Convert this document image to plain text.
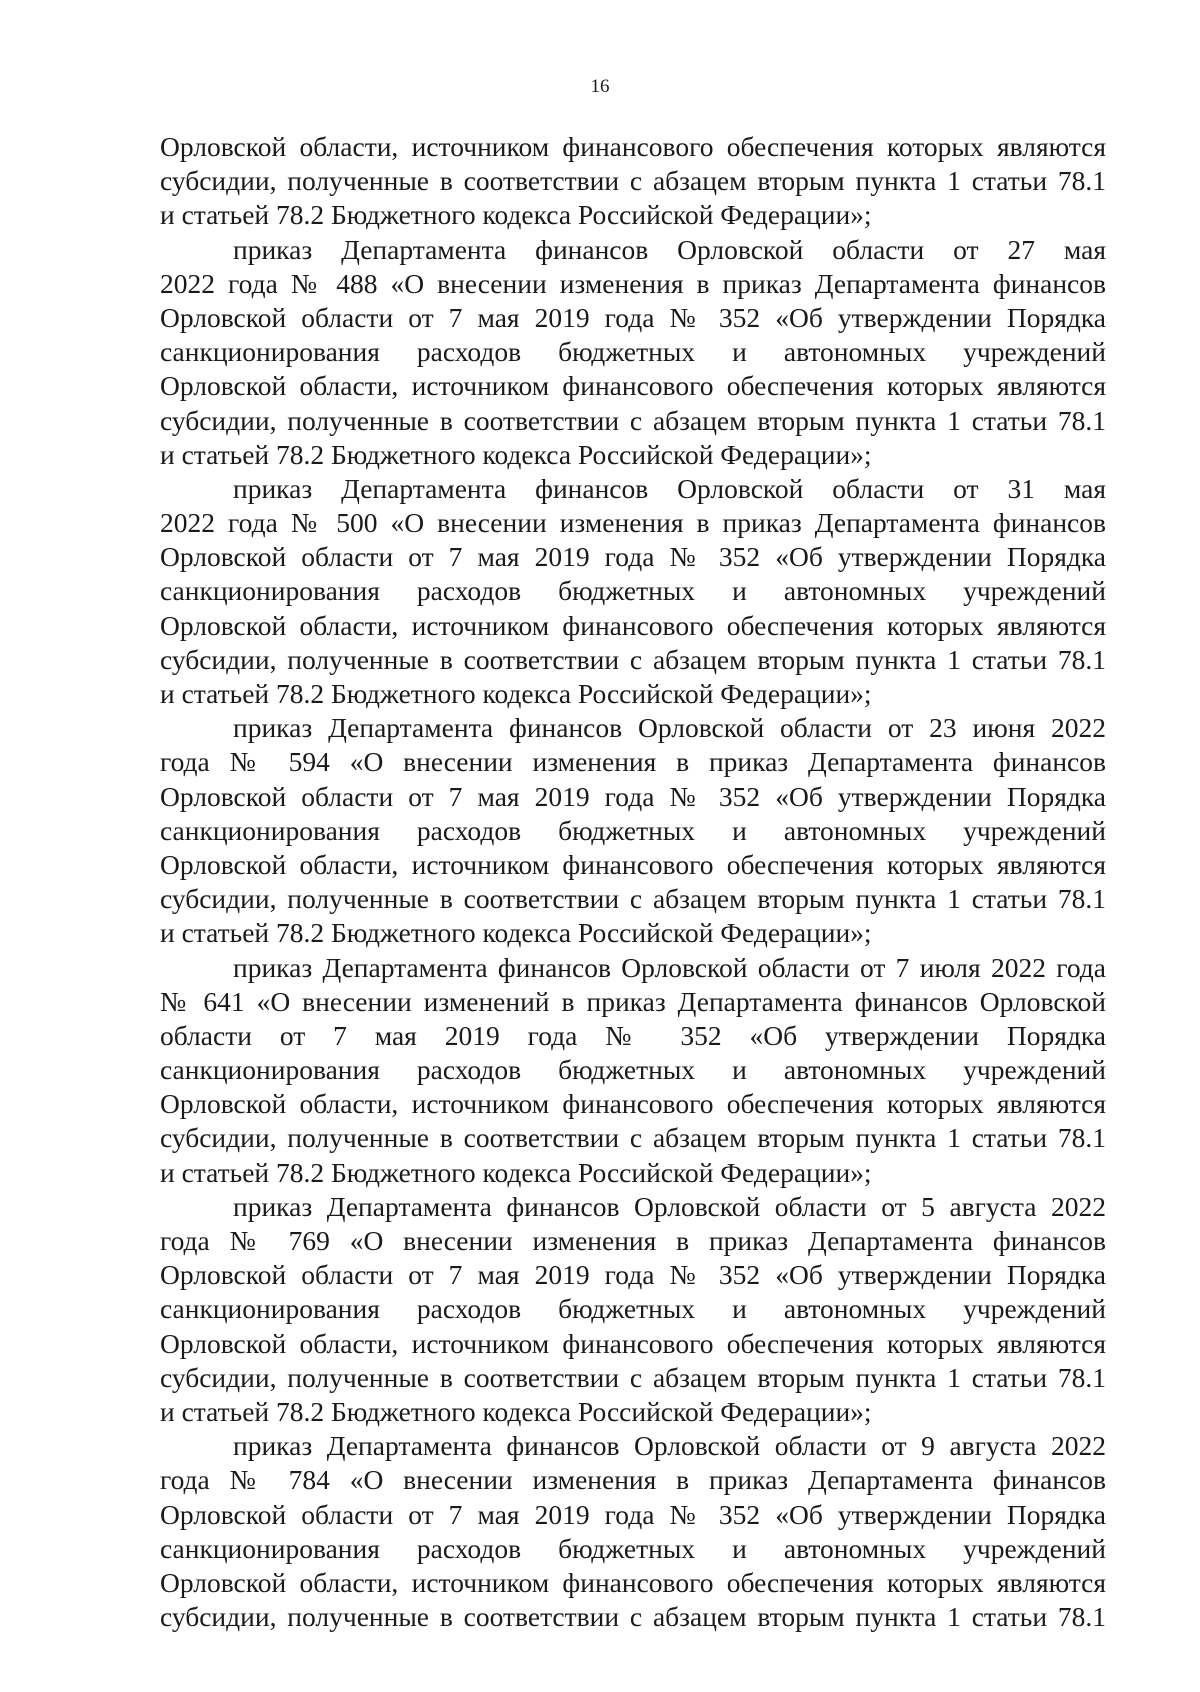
16
Орловской области, источником финансового обеспечения которых являются
субсидии, полученные в соответствии с абзацем вторым пункта 1 статьи 78.1
и статьей 78.2 Бюджетного кодекса Российской Федерации»;
приказ Департамента финансов Орловской области от 27 мая
2022 года № 488 «О внесении изменения в приказ Департамента финансов
Орловской области от 7 мая 2019 года № 352 «Об утверждении Порядка
санкционирования расходов бюджетных и автономных учреждений
Орловской области, источником финансового обеспечения которых являются
субсидии, полученные в соответствии с абзацем вторым пункта 1 статьи 78.1
и статьей 78.2 Бюджетного кодекса Российской Федерации»;
приказ Департамента финансов Орловской области от 31 мая
2022 года № 500 «О внесении изменения в приказ Департамента финансов
Орловской области от 7 мая 2019 года № 352 «Об утверждении Порядка
санкционирования расходов бюджетных и автономных учреждений
Орловской области, источником финансового обеспечения которых являются
субсидии, полученные в соответствии с абзацем вторым пункта 1 статьи 78.1
и статьей 78.2 Бюджетного кодекса Российской Федерации»;
приказ Департамента финансов Орловской области от 23 июня 2022
года № 594 «О внесении изменения в приказ Департамента финансов
Орловской области от 7 мая 2019 года № 352 «Об утверждении Порядка
санкционирования расходов бюджетных и автономных учреждений
Орловской области, источником финансового обеспечения которых являются
субсидии, полученные в соответствии с абзацем вторым пункта 1 статьи 78.1
и статьей 78.2 Бюджетного кодекса Российской Федерации»;
приказ Департамента финансов Орловской области от 7 июля 2022 года
№ 641 «О внесении изменений в приказ Департамента финансов Орловской
области от 7 мая 2019 года № 352 «Об утверждении Порядка
санкционирования расходов бюджетных и автономных учреждений
Орловской области, источником финансового обеспечения которых являются
субсидии, полученные в соответствии с абзацем вторым пункта 1 статьи 78.1
и статьей 78.2 Бюджетного кодекса Российской Федерации»;
приказ Департамента финансов Орловской области от 5 августа 2022
года № 769 «О внесении изменения в приказ Департамента финансов
Орловской области от 7 мая 2019 года № 352 «Об утверждении Порядка
санкционирования расходов бюджетных и автономных учреждений
Орловской области, источником финансового обеспечения которых являются
субсидии, полученные в соответствии с абзацем вторым пункта 1 статьи 78.1
и статьей 78.2 Бюджетного кодекса Российской Федерации»;
приказ Департамента финансов Орловской области от 9 августа 2022
года № 784 «О внесении изменения в приказ Департамента финансов
Орловской области от 7 мая 2019 года № 352 «Об утверждении Порядка
санкционирования расходов бюджетных и автономных учреждений
Орловской области, источником финансового обеспечения которых являются
субсидии, полученные в соответствии с абзацем вторым пункта 1 статьи 78.1
